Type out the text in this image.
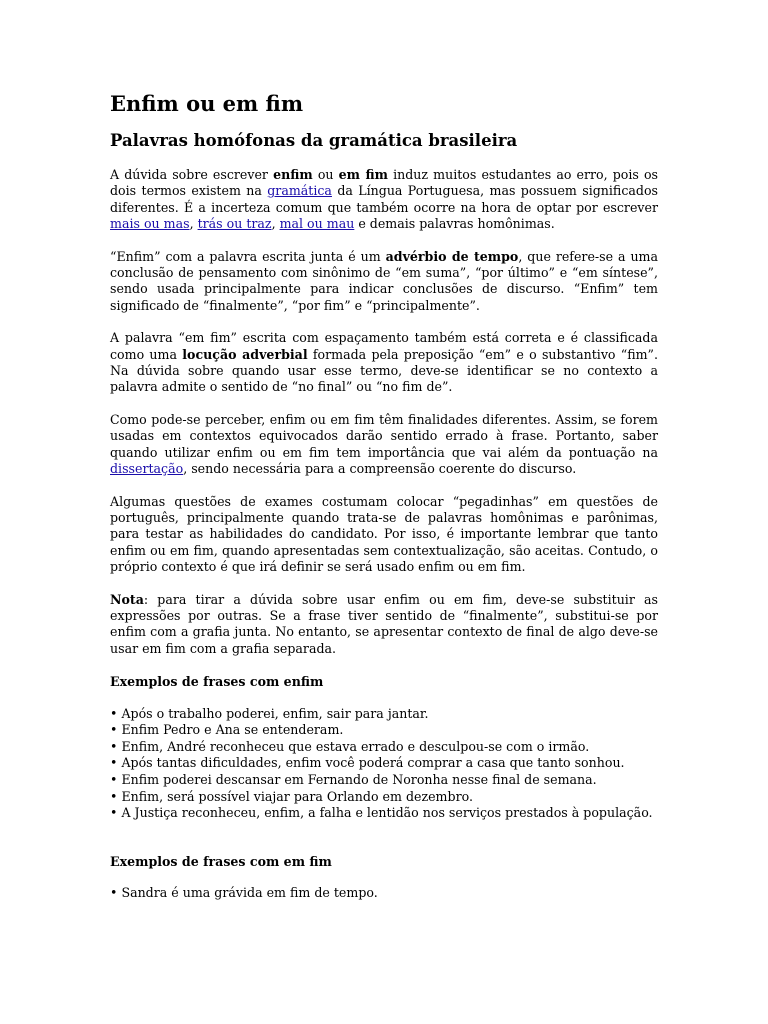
Enfim ou em fim
Palavras homófonas da gramática brasileira

A dúvida sobre escrever enfim ou em fim induz muitos estudantes ao erro, pois os dois termos existem na gramática da Língua Portuguesa, mas possuem significados diferentes. É a incerteza comum que também ocorre na hora de optar por escrever mais ou mas, trás ou traz, mal ou mau e demais palavras homônimas.

“Enfim” com a palavra escrita junta é um advérbio de tempo, que refere-se a uma conclusão de pensamento com sinônimo de “em suma”, “por último” e “em síntese”, sendo usada principalmente para indicar conclusões de discurso. “Enfim” tem significado de “finalmente”, “por fim” e “principalmente”.

A palavra “em fim” escrita com espaçamento também está correta e é classificada como uma locução adverbial formada pela preposição “em” e o substantivo “fim”. Na dúvida sobre quando usar esse termo, deve-se identificar se no contexto a palavra admite o sentido de “no final” ou “no fim de”.

Como pode-se perceber, enfim ou em fim têm finalidades diferentes. Assim, se forem usadas em contextos equivocados darão sentido errado à frase. Portanto, saber quando utilizar enfim ou em fim tem importância que vai além da pontuação na dissertação, sendo necessária para a compreensão coerente do discurso.

Algumas questões de exames costumam colocar “pegadinhas” em questões de português, principalmente quando trata-se de palavras homônimas e parônimas, para testar as habilidades do candidato. Por isso, é importante lembrar que tanto enfim ou em fim, quando apresentadas sem contextualização, são aceitas. Contudo, o próprio contexto é que irá definir se será usado enfim ou em fim.

Nota: para tirar a dúvida sobre usar enfim ou em fim, deve-se substituir as expressões por outras. Se a frase tiver sentido de “finalmente”, substitui-se por enfim com a grafia junta. No entanto, se apresentar contexto de final de algo deve-se usar em fim com a grafia separada.

Exemplos de frases com enfim
• Após o trabalho poderei, enfim, sair para jantar.
• Enfim Pedro e Ana se entenderam.
• Enfim, André reconheceu que estava errado e desculpou-se com o irmão.
• Após tantas dificuldades, enfim você poderá comprar a casa que tanto sonhou.
• Enfim poderei descansar em Fernando de Noronha nesse final de semana.
• Enfim, será possível viajar para Orlando em dezembro.
• A Justiça reconheceu, enfim, a falha e lentidão nos serviços prestados à população.
Exemplos de frases com em fim
• Sandra é uma grávida em fim de tempo.
